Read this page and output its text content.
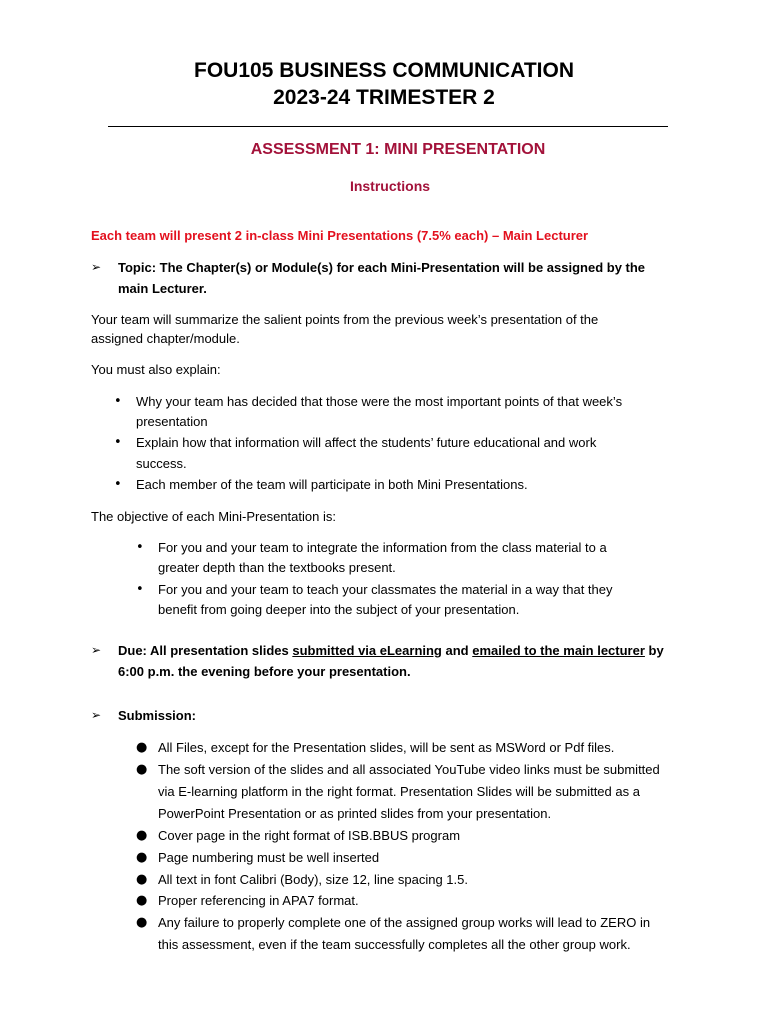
FOU105 BUSINESS COMMUNICATION
2023-24 TRIMESTER 2
ASSESSMENT 1: MINI PRESENTATION
Instructions
Each team will present 2 in-class Mini Presentations (7.5% each) – Main Lecturer
➢ Topic: The Chapter(s) or Module(s) for each Mini-Presentation will be assigned by the
main Lecturer.
Your team will summarize the salient points from the previous week’s presentation of the
assigned chapter/module.
You must also explain:
• Why your team has decided that those were the most important points of that week’s
presentation
• Explain how that information will affect the students’ future educational and work
success.
• Each member of the team will participate in both Mini Presentations.
The objective of each Mini-Presentation is:
• For you and your team to integrate the information from the class material to a
greater depth than the textbooks present.
• For you and your team to teach your classmates the material in a way that they
benefit from going deeper into the subject of your presentation.
➢ Due: All presentation slides submitted via eLearning and emailed to the main lecturer by
6:00 p.m. the evening before your presentation.
➢ Submission:
● All Files, except for the Presentation slides, will be sent as MSWord or Pdf files.
● The soft version of the slides and all associated YouTube video links must be submitted
via E-learning platform in the right format. Presentation Slides will be submitted as a
PowerPoint Presentation or as printed slides from your presentation.
● Cover page in the right format of ISB.BBUS program
● Page numbering must be well inserted
● All text in font Calibri (Body), size 12, line spacing 1.5.
● Proper referencing in APA7 format.
● Any failure to properly complete one of the assigned group works will lead to ZERO in
this assessment, even if the team successfully completes all the other group work.
